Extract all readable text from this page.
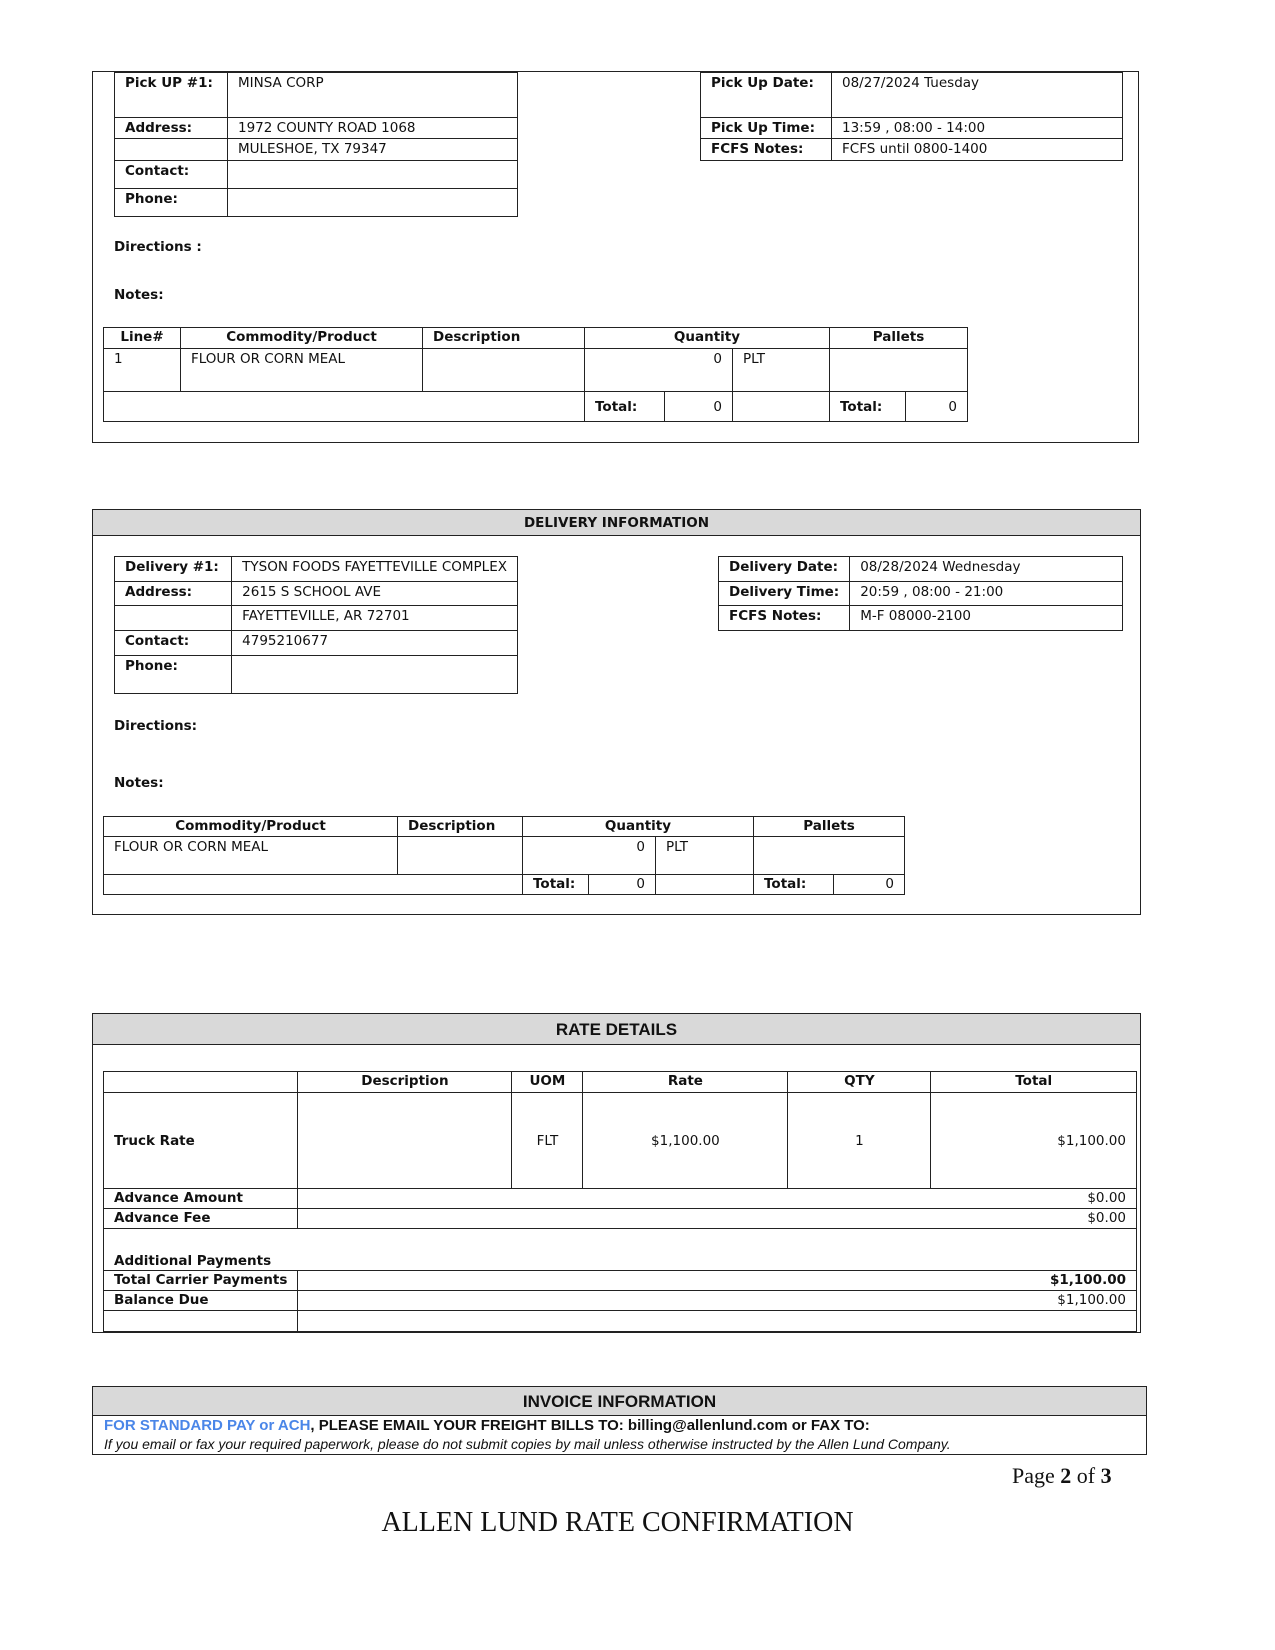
Pick UP #1:	MINSA CORP
Address:	1972 COUNTY ROAD 1068
	MULESHOE, TX 79347
Contact:	
Phone:	
Pick Up Date:	08/27/2024 Tuesday
Pick Up Time:	13:59 , 08:00 - 14:00
FCFS Notes:	FCFS until 0800-1400
Directions :
Notes:
Line#	Commodity/Product	Description	Quantity			Pallets	
1	FLOUR OR CORN MEAL		0		PLT		
			Total:	0		Total:	0
DELIVERY INFORMATION
Delivery #1:	TYSON FOODS FAYETTEVILLE COMPLEX
Address:	2615 S SCHOOL AVE
	FAYETTEVILLE, AR 72701
Contact:	4795210677
Phone:	
Delivery Date:	08/28/2024 Wednesday
Delivery Time:	20:59 , 08:00 - 21:00
FCFS Notes:	M-F 08000-2100
Directions:
Notes:
Commodity/Product	Description	Quantity			Pallets	
FLOUR OR CORN MEAL		0		PLT		
		Total:	0		Total:	0
RATE DETAILS
	Description	UOM	Rate	QTY	Total
Truck Rate		FLT	$1,100.00	1	$1,100.00
Advance Amount	$0.00				
Advance Fee	$0.00				
Additional Payments					
Total Carrier Payments	$1,100.00				
Balance Due	$1,100.00				

INVOICE INFORMATION
FOR STANDARD PAY or ACH, PLEASE EMAIL YOUR FREIGHT BILLS TO: billing@allenlund.com or FAX TO:
If you email or fax your required paperwork, please do not submit copies by mail unless otherwise instructed by the Allen Lund Company.
Page 2 of 3
ALLEN LUND RATE CONFIRMATION
